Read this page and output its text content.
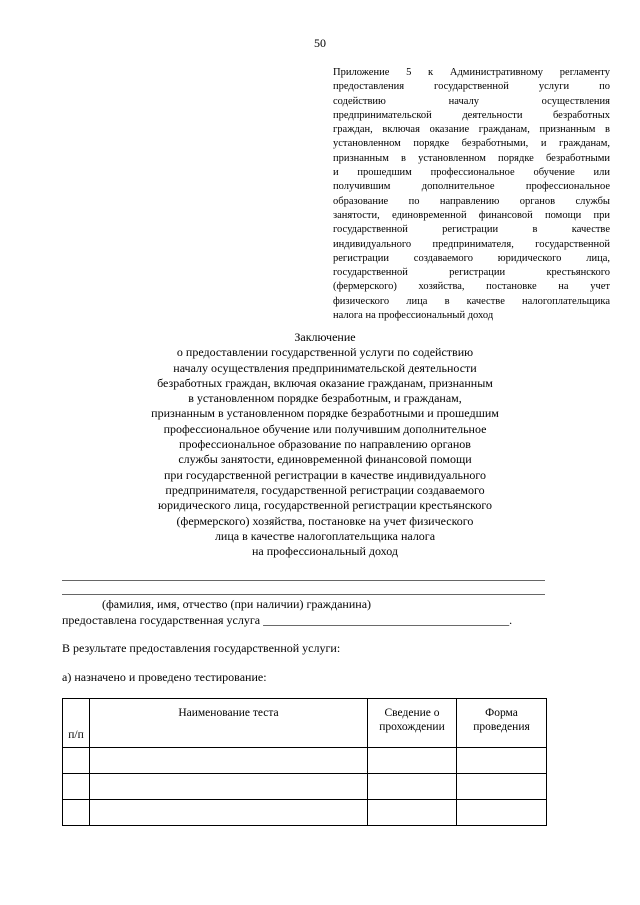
50
Приложение 5 к Административному регламенту
предоставления государственной услуги по
содействию началу осуществления
предпринимательской деятельности безработных
граждан, включая оказание гражданам, признанным в
установленном порядке безработными, и гражданам,
признанным в установленном порядке безработными
и прошедшим профессиональное обучение или
получившим дополнительное профессиональное
образование по направлению органов службы
занятости, единовременной финансовой помощи при
государственной регистрации в качестве
индивидуального предпринимателя, государственной
регистрации создаваемого юридического лица,
государственной регистрации крестьянского
(фермерского) хозяйства, постановке на учет
физического лица в качестве налогоплательщика
налога на профессиональный доход
Заключение
о предоставлении государственной услуги по содействию
началу осуществления предпринимательской деятельности
безработных граждан, включая оказание гражданам, признанным
в установленном порядке безработным, и гражданам,
признанным в установленном порядке безработными и прошедшим
профессиональное обучение или получившим дополнительное
профессиональное образование по направлению органов
службы занятости, единовременной финансовой помощи
при государственной регистрации в качестве индивидуального
предпринимателя, государственной регистрации создаваемого
юридического лица, государственной регистрации крестьянского
(фермерского) хозяйства, постановке на учет физического
лица в качестве налогоплательщика налога
на профессиональный доход
(фамилия, имя, отчество (при наличии) гражданина)
предоставлена государственная услуга _________________________________________.
В результате предоставления государственной услуги:
а) назначено и проведено тестирование:
п/п	Наименование теста	Сведение о прохождении	Форма проведения
